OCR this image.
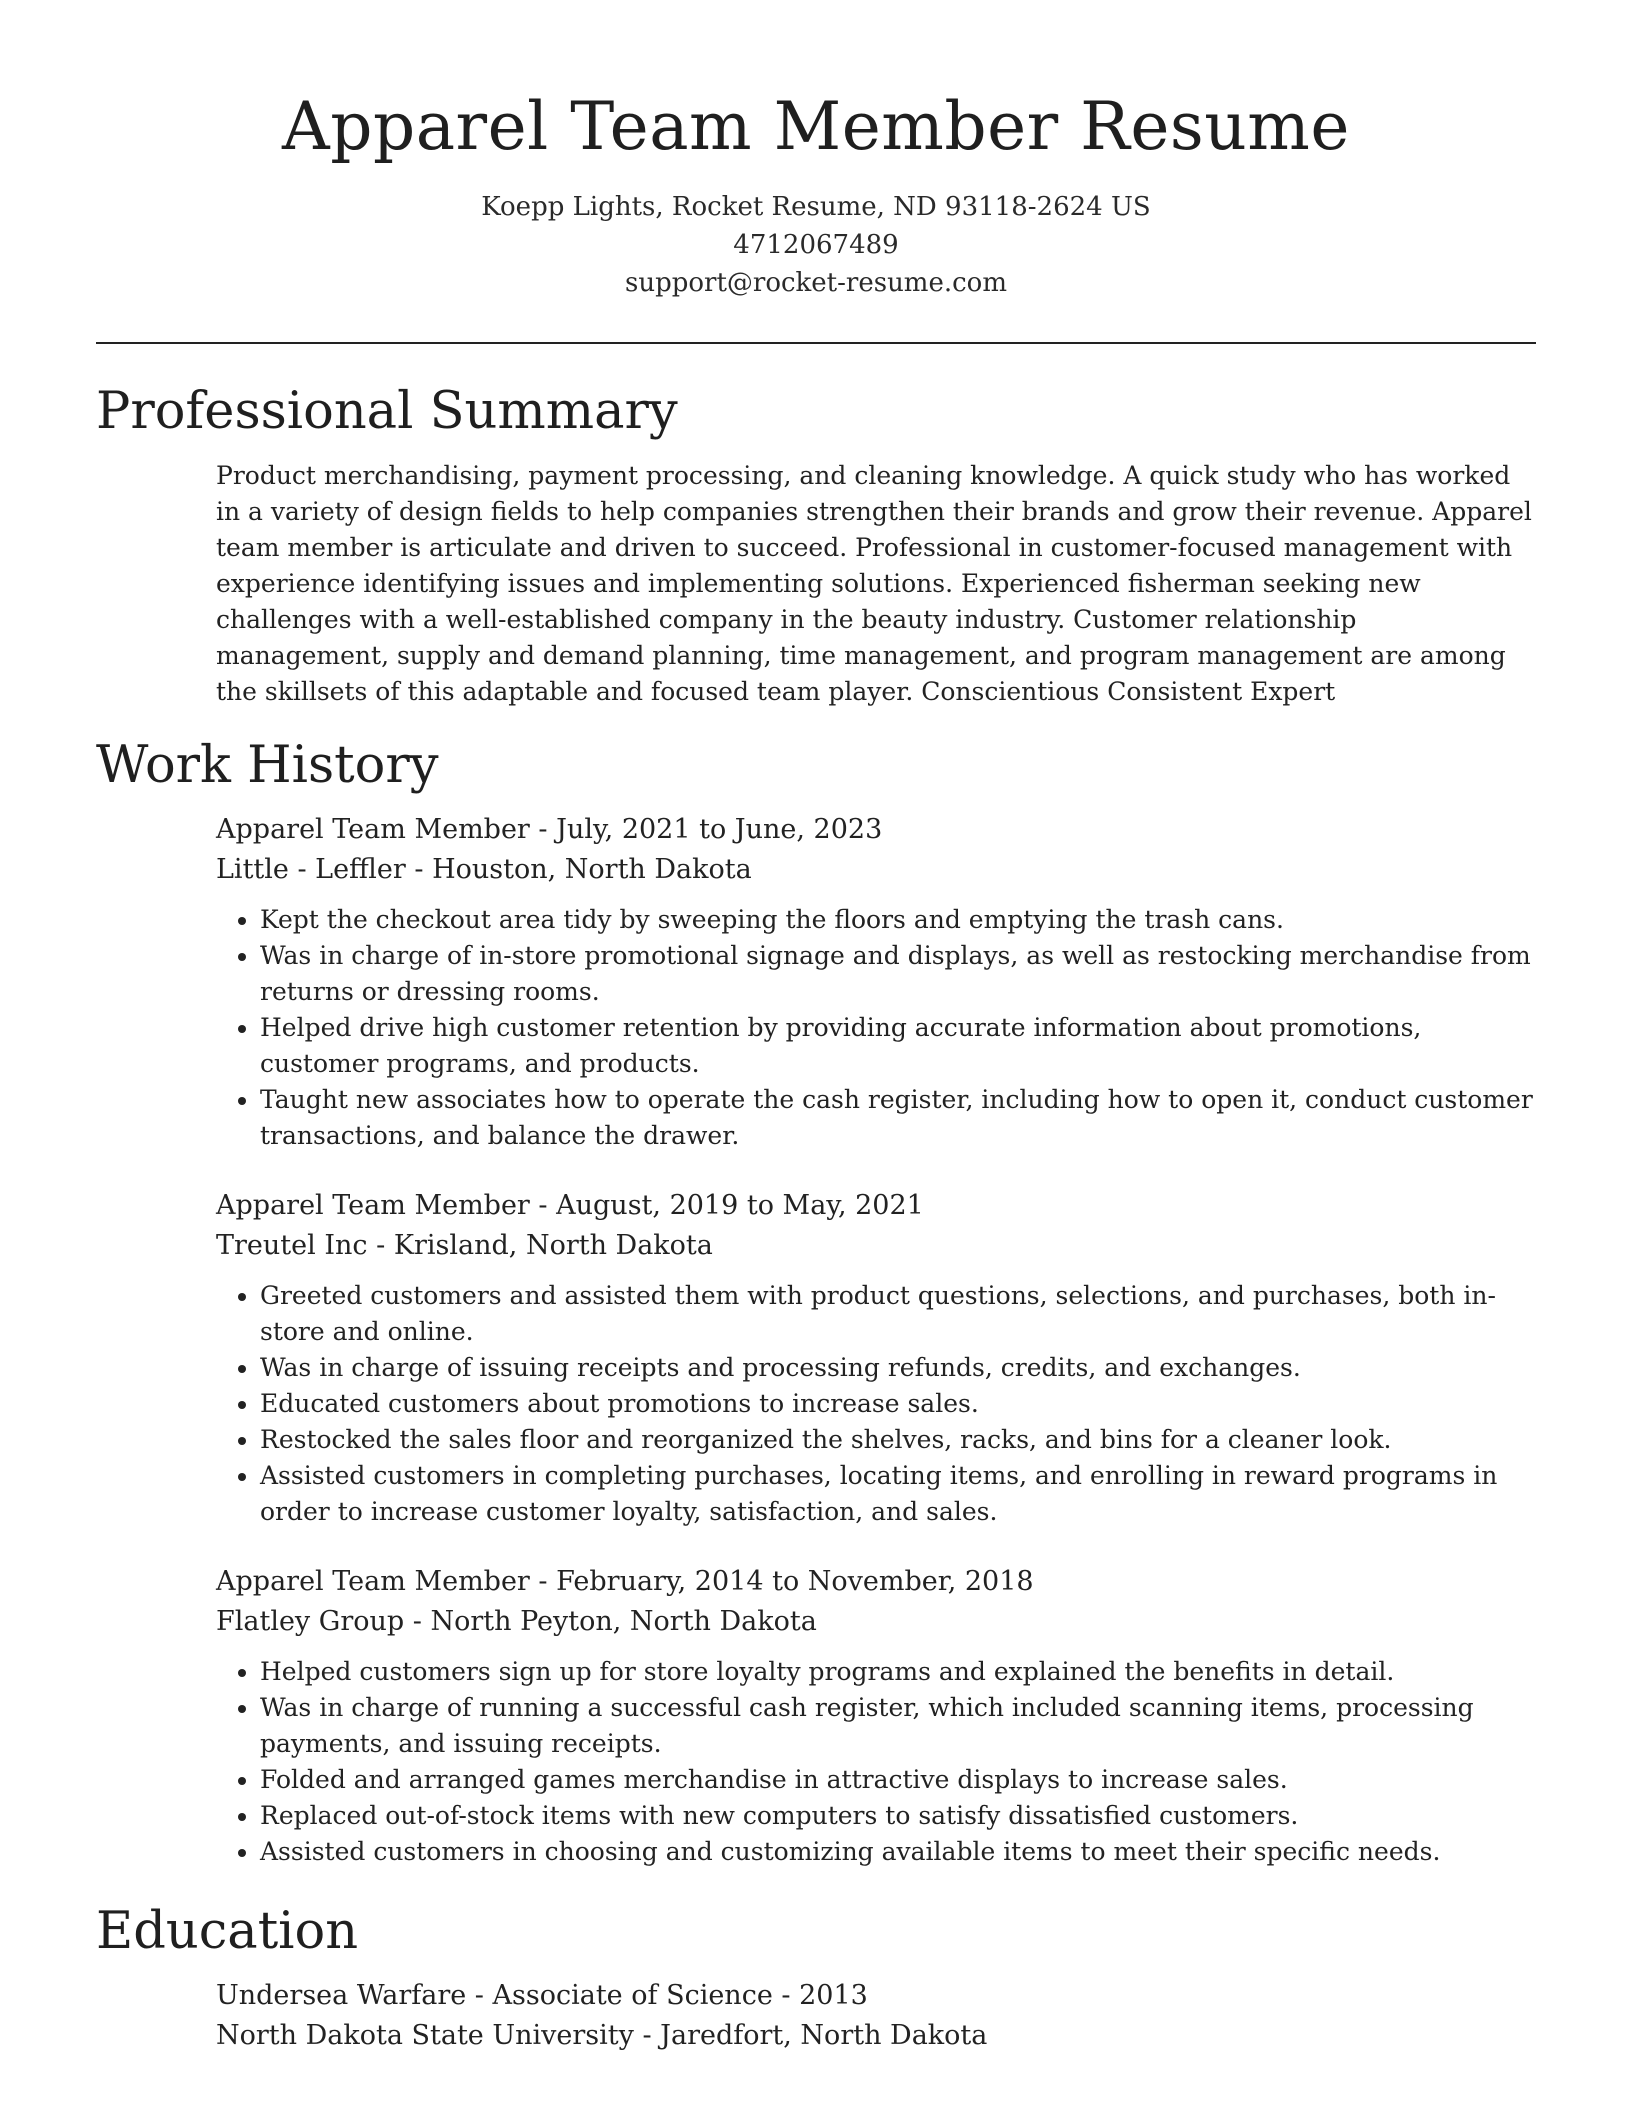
Apparel Team Member Resume
Koepp Lights, Rocket Resume, ND 93118-2624 US
4712067489
support@rocket-resume.com
Professional Summary

Product merchandising, payment processing, and cleaning knowledge. A quick study who has worked in a variety of design fields to help companies strengthen their brands and grow their revenue. Apparel team member is articulate and driven to succeed. Professional in customer-focused management with experience identifying issues and implementing solutions. Experienced fisherman seeking new challenges with a well-established company in the beauty industry. Customer relationship management, supply and demand planning, time management, and program management are among the skillsets of this adaptable and focused team player. Conscientious Consistent Expert

Work History

Apparel Team Member - July, 2021 to June, 2023

Little - Leffler - Houston, North Dakota

• Kept the checkout area tidy by sweeping the floors and emptying the trash cans.
• Was in charge of in-store promotional signage and displays, as well as restocking merchandise from returns or dressing rooms.
• Helped drive high customer retention by providing accurate information about promotions, customer programs, and products.
• Taught new associates how to operate the cash register, including how to open it, conduct customer transactions, and balance the drawer.

Apparel Team Member - August, 2019 to May, 2021

Treutel Inc - Krisland, North Dakota

• Greeted customers and assisted them with product questions, selections, and purchases, both in-store and online.
• Was in charge of issuing receipts and processing refunds, credits, and exchanges.
• Educated customers about promotions to increase sales.
• Restocked the sales floor and reorganized the shelves, racks, and bins for a cleaner look.
• Assisted customers in completing purchases, locating items, and enrolling in reward programs in order to increase customer loyalty, satisfaction, and sales.

Apparel Team Member - February, 2014 to November, 2018

Flatley Group - North Peyton, North Dakota

• Helped customers sign up for store loyalty programs and explained the benefits in detail.
• Was in charge of running a successful cash register, which included scanning items, processing payments, and issuing receipts.
• Folded and arranged games merchandise in attractive displays to increase sales.
• Replaced out-of-stock items with new computers to satisfy dissatisfied customers.
• Assisted customers in choosing and customizing available items to meet their specific needs.
Education

Undersea Warfare - Associate of Science - 2013

North Dakota State University - Jaredfort, North Dakota
